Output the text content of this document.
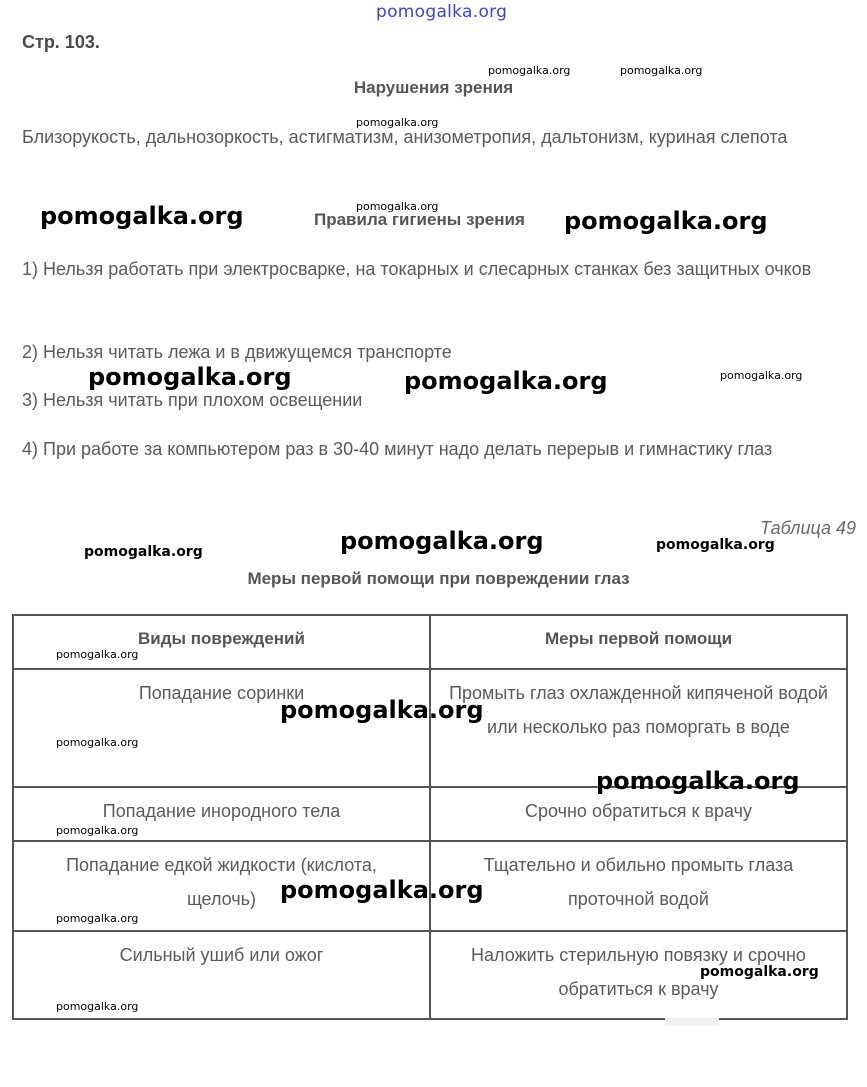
pomogalka.org
Стр. 103.
Нарушения зрения
Близорукость, дальнозоркость, астигматизм, анизометропия, дальтонизм, куриная слепота
Правила гигиены зрения
1) Нельзя работать при электросварке, на токарных и слесарных станках без защитных очков
2) Нельзя читать лежа и в движущемся транспорте
3) Нельзя читать при плохом освещении
4) При работе за компьютером раз в 30-40 минут надо делать перерыв и гимнастику глаз
Таблица 49
Меры первой помощи при повреждении глаз
Виды повреждений	Меры первой помощи
Попадание соринки	Промыть глаз охлажденной кипяченой водой или несколько раз поморгать в воде
Попадание инородного тела	Срочно обратиться к врачу
Попадание едкой жидкости (кислота, щелочь)	Тщательно и обильно промыть глаза проточной водой
Сильный ушиб или ожог	Наложить стерильную повязку и срочно обратиться к врачу
pomogalka.org	pomogalka.org
pomogalka.org
pomogalka.org
pomogalka.org	pomogalka.org
pomogalka.org	pomogalka.org	pomogalka.org
pomogalka.org	pomogalka.org	pomogalka.org
pomogalka.org
pomogalka.org
pomogalka.org
pomogalka.org
pomogalka.org
pomogalka.org
pomogalka.org
pomogalka.org
pomogalka.org
